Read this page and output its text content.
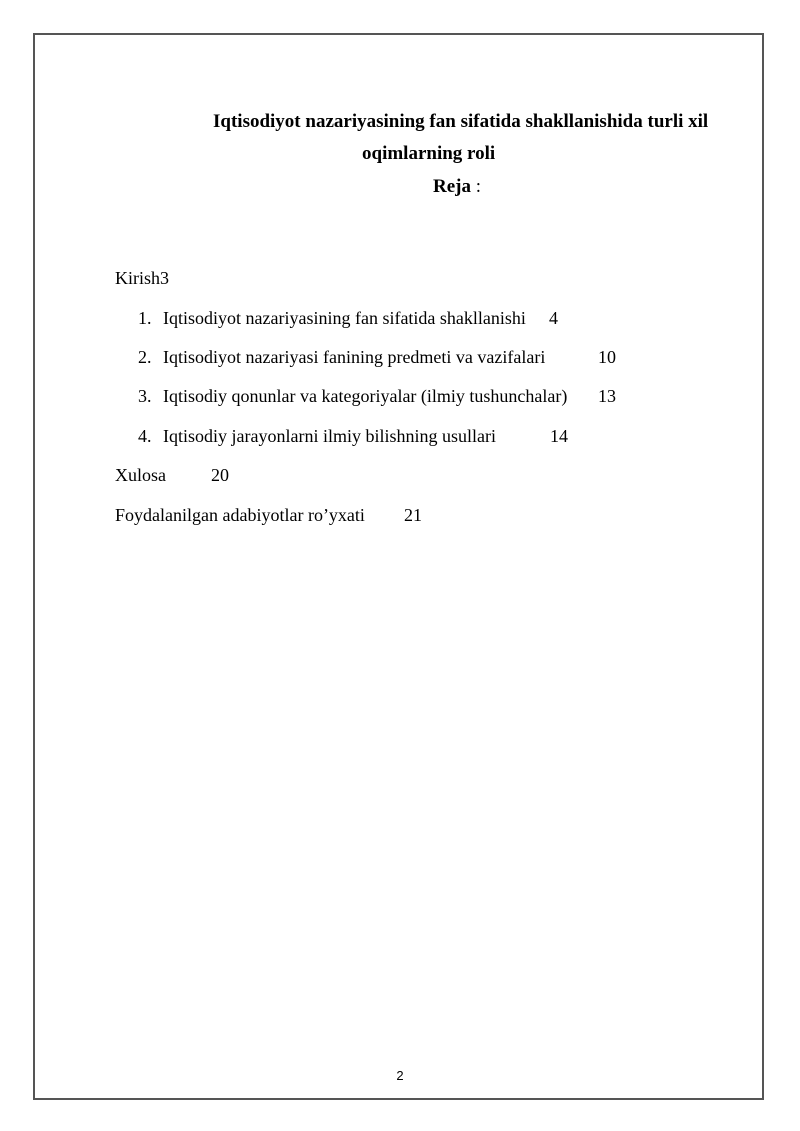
Iqtisodiyot nazariyasining fan sifatida shakllanishida turli xil
oqimlarning roli
Reja :
Kirish3
1. Iqtisodiyot nazariyasining fan sifatida shakllanishi 4
2. Iqtisodiyot nazariyasi fanining predmeti va vazifalari	10
3. Iqtisodiy qonunlar va kategoriyalar (ilmiy tushunchalar) 13
4. Iqtisodiy jarayonlarni ilmiy bilishning usullari	14
Xulosa	20
Foydalanilgan adabiyotlar ro’yxati 21
2
